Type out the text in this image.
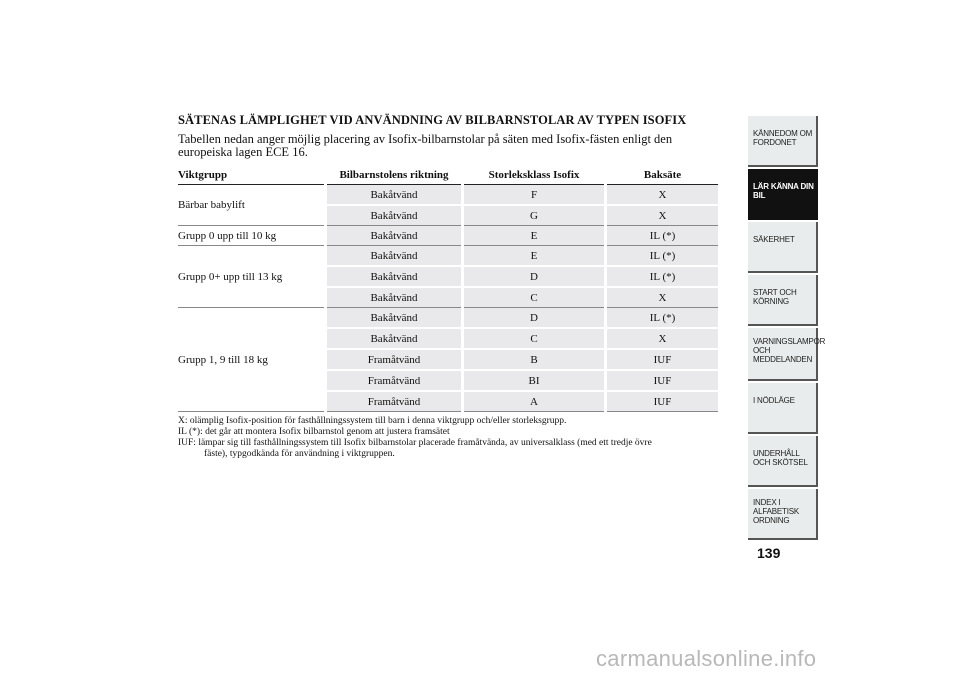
SÄTENAS LÄMPLIGHET VID ANVÄNDNING AV BILBARNSTOLAR AV TYPEN ISOFIX
Tabellen nedan anger möjlig placering av Isofix-bilbarnstolar på säten med Isofix-fästen enligt den europeiska lagen ECE 16.
Viktgrupp	Bilbarnstolens riktning	Storleksklass Isofix	Baksäte
Bärbar babylift	Bakåtvänd	F	X
	Bakåtvänd	G	X
Grupp 0 upp till 10 kg	Bakåtvänd	E	IL (*)
Grupp 0+ upp till 13 kg	Bakåtvänd	E	IL (*)
	Bakåtvänd	D	IL (*)
	Bakåtvänd	C	X
Grupp 1, 9 till 18 kg	Bakåtvänd	D	IL (*)
	Bakåtvänd	C	X
	Framåtvänd	B	IUF
	Framåtvänd	BI	IUF
	Framåtvänd	A	IUF
X: olämplig Isofix-position för fasthållningssystem till barn i denna viktgrupp och/eller storleksgrupp.
IL (*): det går att montera Isofix bilbarnstol genom att justera framsätet
IUF: lämpar sig till fasthållningssystem till Isofix bilbarnstolar placerade framåtvända, av universalklass (med ett tredje övre
fäste), typgodkända för användning i viktgruppen.
KÄNNEDOM OM FORDONET
LÄR KÄNNA DIN BIL
SÄKERHET
START OCH KÖRNING
VARNINGSLAMPOR OCH MEDDELANDEN
I NÖDLÄGE
UNDERHÅLL OCH SKÖTSEL
INDEX I ALFABETISK ORDNING
139
carmanualsonline.info
